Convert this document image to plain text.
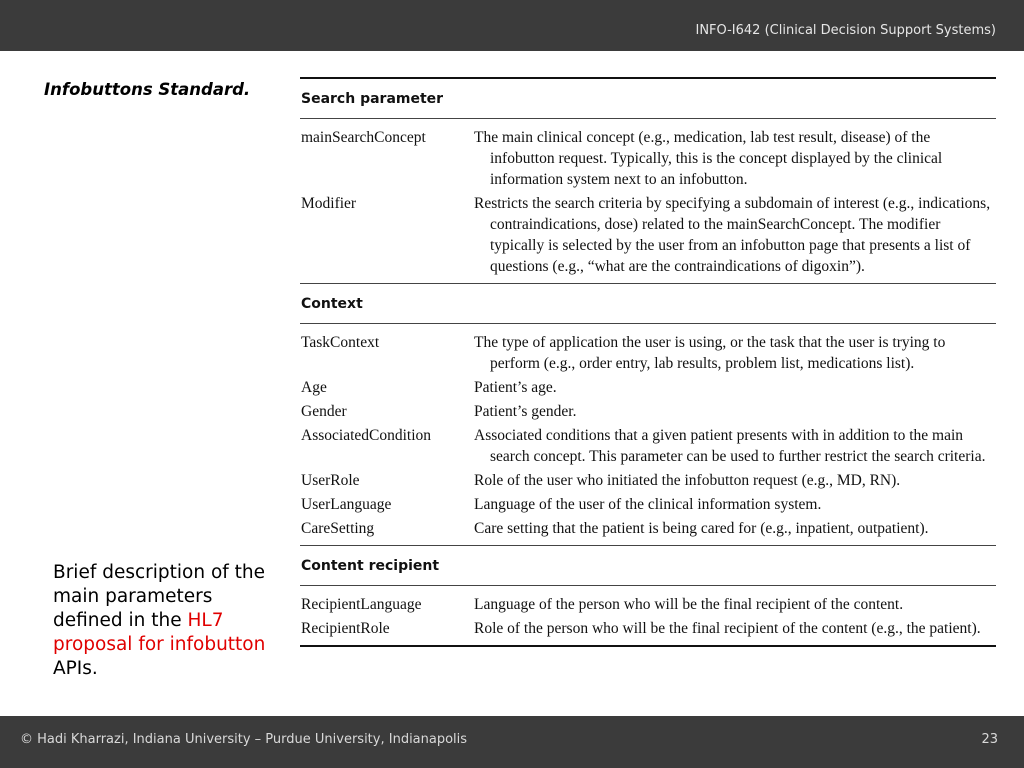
INFO-I642 (Clinical Decision Support Systems)
Infobuttons Standard.	Search parameter
mainSearchConcept	The main clinical concept (e.g., medication, lab test result, disease) of the infobutton request. Typically, this is the concept displayed by the clinical information system next to an infobutton.
Modifier	Restricts the search criteria by specifying a subdomain of interest (e.g., indications, contraindications, dose) related to the mainSearchConcept. The modifier typically is selected by the user from an infobutton page that presents a list of questions (e.g., “what are the contraindications of digoxin”).
Context
TaskContext	The type of application the user is using, or the task that the user is trying to perform (e.g., order entry, lab results, problem list, medications list).
Age	Patient’s age.
Gender	Patient’s gender.
AssociatedCondition	Associated conditions that a given patient presents with in addition to the main search concept. This parameter can be used to further restrict the search criteria.
UserRole	Role of the user who initiated the infobutton request (e.g., MD, RN).
UserLanguage	Language of the user of the clinical information system.
CareSetting	Care setting that the patient is being cared for (e.g., inpatient, outpatient).
Content recipient
RecipientLanguage	Language of the person who will be the final recipient of the content.
RecipientRole	Role of the person who will be the final recipient of the content (e.g., the patient).
Brief description of the main parameters defined in the HL7 proposal for infobutton APIs.
© Hadi Kharrazi, Indiana University – Purdue University, Indianapolis	23
